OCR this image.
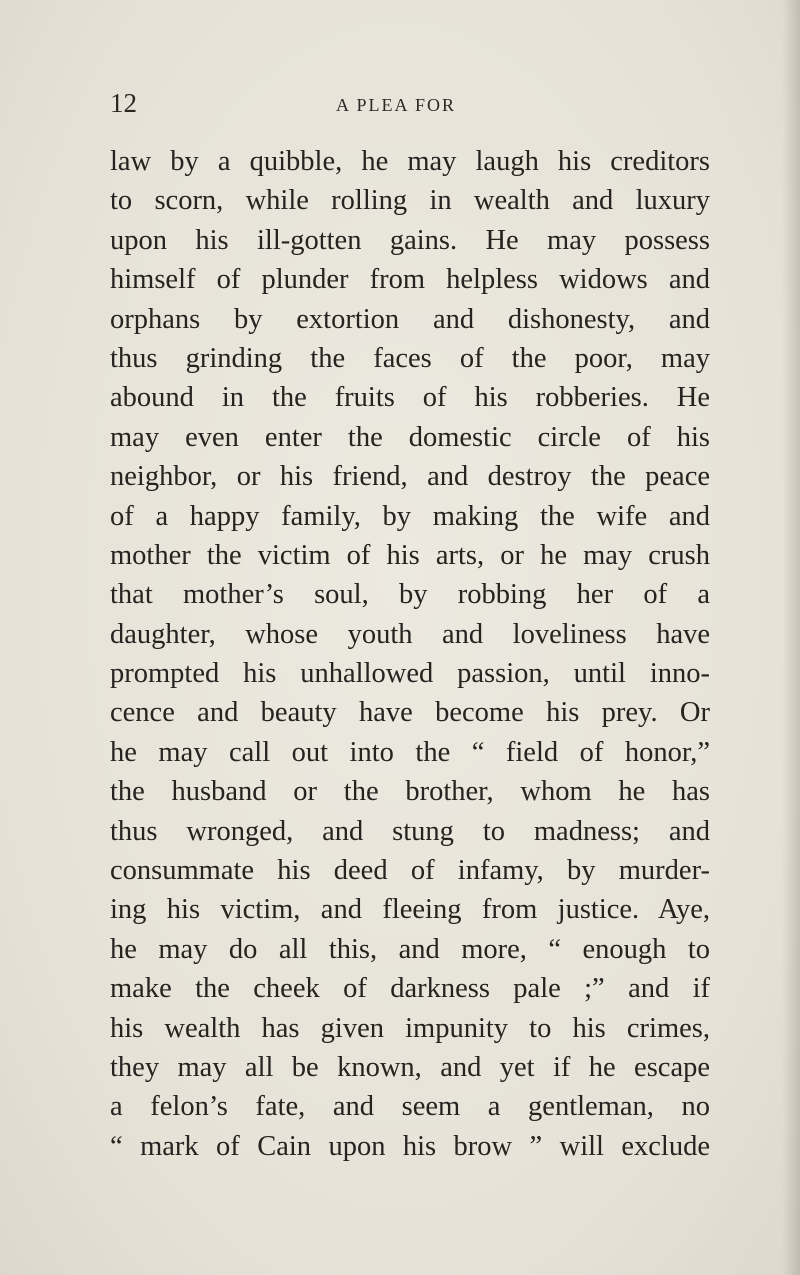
12	A PLEA FOR
law by a quibble, he may laugh his creditors
to scorn, while rolling in wealth and luxury
upon his ill-gotten gains. He may possess
himself of plunder from helpless widows and
orphans by extortion and dishonesty, and
thus grinding the faces of the poor, may
abound in the fruits of his robberies. He
may even enter the domestic circle of his
neighbor, or his friend, and destroy the peace
of a happy family, by making the wife and
mother the victim of his arts, or he may crush
that mother’s soul, by robbing her of a
daughter, whose youth and loveliness have
prompted his unhallowed passion, until inno-
cence and beauty have become his prey. Or
he may call out into the “ field of honor,”
the husband or the brother, whom he has
thus wronged, and stung to madness; and
consummate his deed of infamy, by murder-
ing his victim, and fleeing from justice. Aye,
he may do all this, and more, “ enough to
make the cheek of darkness pale ;” and if
his wealth has given impunity to his crimes,
they may all be known, and yet if he escape
a felon’s fate, and seem a gentleman, no
“ mark of Cain upon his brow ” will exclude
